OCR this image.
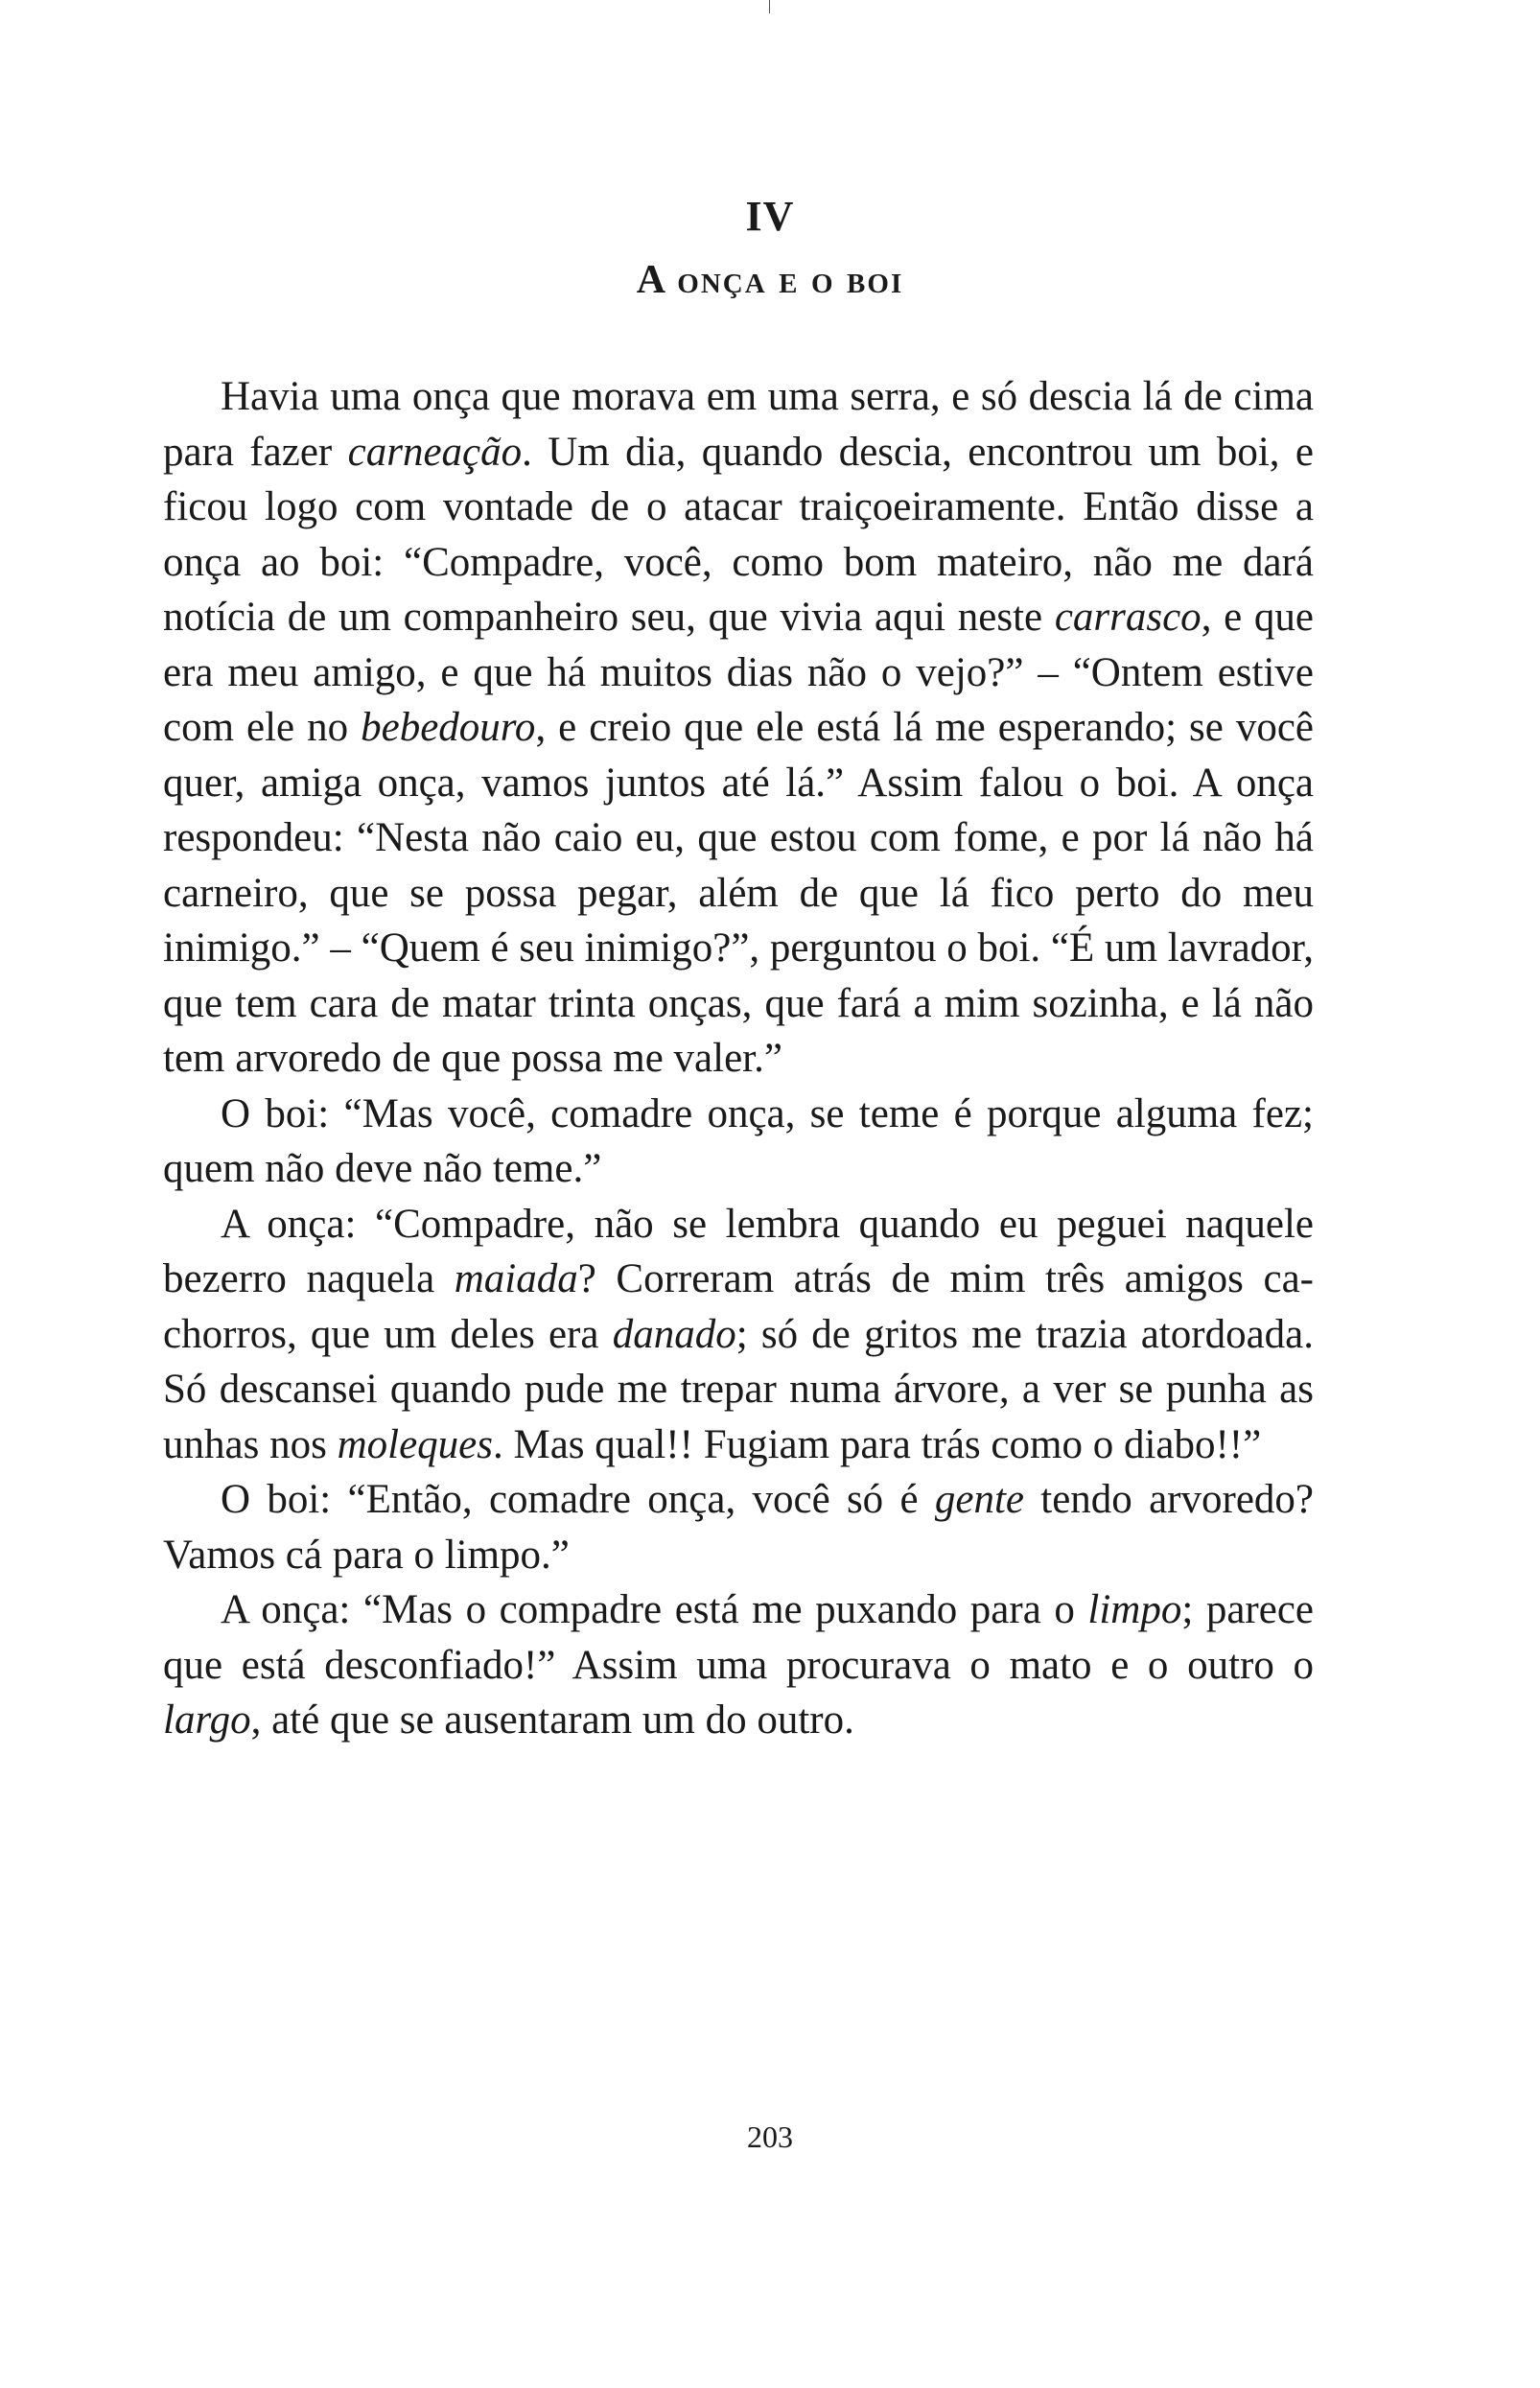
IV
A onça e o boi

Havia uma onça que morava em uma serra, e só descia lá de cima para fazer carneação. Um dia, quando descia, encontrou um boi, e ficou logo com vontade de o atacar traiçoeiramente. Então disse a onça ao boi: “Compadre, você, como bom mateiro, não me dará notícia de um companheiro seu, que vivia aqui neste carrasco, e que era meu amigo, e que há muitos dias não o vejo?” – “Ontem estive com ele no bebedouro, e creio que ele está lá me esperando; se você quer, amiga onça, vamos juntos até lá.” Assim falou o boi. A onça respondeu: “Nesta não caio eu, que estou com fome, e por lá não há carneiro, que se possa pegar, além de que lá fico perto do meu inimigo.” – “Quem é seu inimigo?”, perguntou o boi. “É um lavrador, que tem cara de matar trinta onças, que fará a mim sozinha, e lá não tem arvoredo de que possa me valer.”

O boi: “Mas você, comadre onça, se teme é porque alguma fez; quem não deve não teme.”

A onça: “Compadre, não se lembra quando eu peguei naquele bezerro naquela maiada? Correram atrás de mim três amigos cachorros, que um deles era danado; só de gritos me trazia atordoada. Só descansei quando pude me trepar numa árvore, a ver se punha as unhas nos moleques. Mas qual!! Fugiam para trás como o diabo!!”

O boi: “Então, comadre onça, você só é gente tendo arvoredo? Vamos cá para o limpo.”

A onça: “Mas o compadre está me puxando para o limpo; parece que está desconfiado!” Assim uma procurava o mato e o outro o largo, até que se ausentaram um do outro.

203
